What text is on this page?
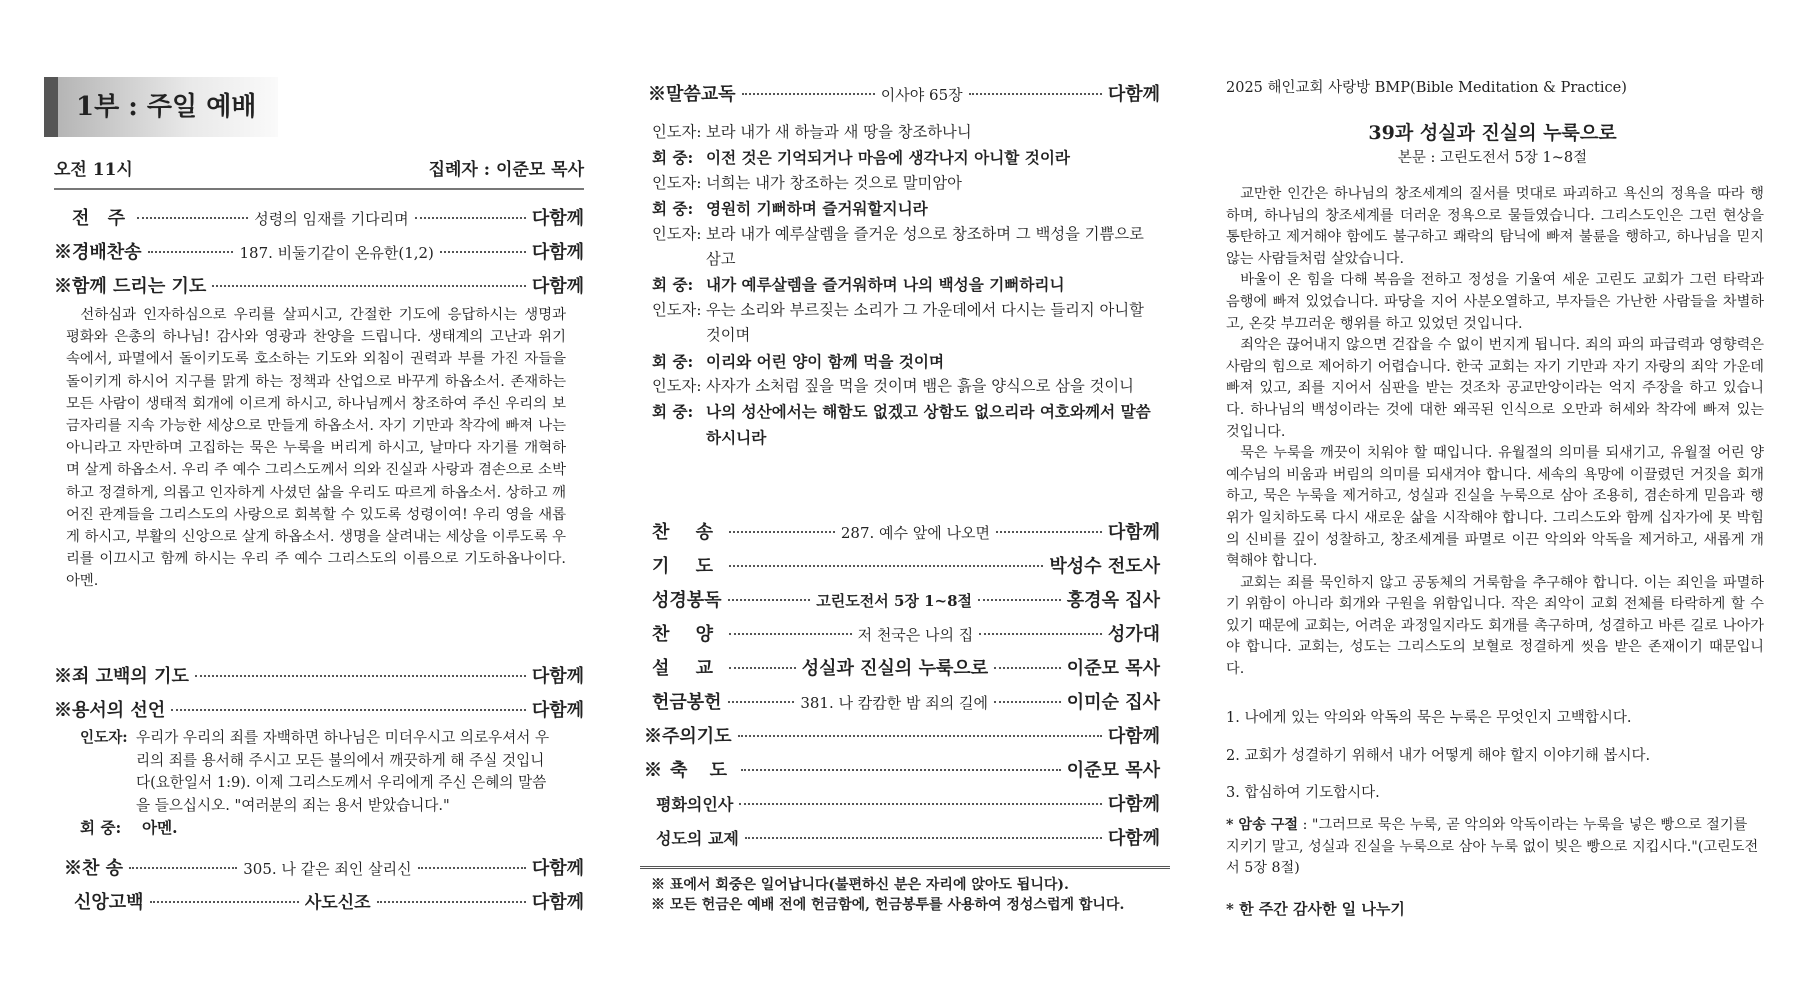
1부 : 주일 예배
오전 11시	집례자 : 이준모 목사
전 주	성령의 임재를 기다리며	다함께
※경배찬송	187. 비둘기같이 온유한(1,2)	다함께
※함께 드리는 기도	다함께

선하심과 인자하심으로 우리를 살피시고, 간절한 기도에 응답하시는 생명과 평화와 은총의 하나님! 감사와 영광과 찬양을 드립니다. 생태계의 고난과 위기 속에서, 파멸에서 돌이키도록 호소하는 기도와 외침이 권력과 부를 가진 자들을 돌이키게 하시어 지구를 맑게 하는 정책과 산업으로 바꾸게 하옵소서. 존재하는 모든 사람이 생태적 회개에 이르게 하시고, 하나님께서 창조하여 주신 우리의 보금자리를 지속 가능한 세상으로 만들게 하옵소서. 자기 기만과 착각에 빠져 나는 아니라고 자만하며 고집하는 묵은 누룩을 버리게 하시고, 날마다 자기를 개혁하며 살게 하옵소서. 우리 주 예수 그리스도께서 의와 진실과 사랑과 겸손으로 소박하고 정결하게, 의롭고 인자하게 사셨던 삶을 우리도 따르게 하옵소서. 상하고 깨어진 관계들을 그리스도의 사랑으로 회복할 수 있도록 성령이여! 우리 영을 새롭게 하시고, 부활의 신앙으로 살게 하옵소서. 생명을 살려내는 세상을 이루도록 우리를 이끄시고 함께 하시는 우리 주 예수 그리스도의 이름으로 기도하옵나이다. 아멘.

※죄 고백의 기도	다함께
※용서의 선언	다함께
인도자: 우리가 우리의 죄를 자백하면 하나님은 미더우시고 의로우셔서 우리의 죄를 용서해 주시고 모든 불의에서 깨끗하게 해 주실 것입니다(요한일서 1:9). 이제 그리스도께서 우리에게 주신 은혜의 말씀을 들으십시오. "여러분의 죄는 용서 받았습니다."
회 중:	아멘.
※찬 송	305. 나 같은 죄인 살리신	다함께
신앙고백	사도신조	다함께
※말씀교독	이사야 65장	다함께
인도자: 보라 내가 새 하늘과 새 땅을 창조하나니
회 중: 이전 것은 기억되거나 마음에 생각나지 아니할 것이라
인도자: 너희는 내가 창조하는 것으로 말미암아
회 중: 영원히 기뻐하며 즐거워할지니라
인도자: 보라 내가 예루살렘을 즐거운 성으로 창조하며 그 백성을 기쁨으로 삼고
회 중: 내가 예루살렘을 즐거워하며 나의 백성을 기뻐하리니
인도자: 우는 소리와 부르짖는 소리가 그 가운데에서 다시는 들리지 아니할 것이며
회 중: 이리와 어린 양이 함께 먹을 것이며
인도자: 사자가 소처럼 짚을 먹을 것이며 뱀은 흙을 양식으로 삼을 것이니
회 중: 나의 성산에서는 해함도 없겠고 상함도 없으리라 여호와께서 말씀하시니라
찬 송	287. 예수 앞에 나오면	다함께
기 도	박성수 전도사
성경봉독	고린도전서 5장 1~8절	홍경옥 집사
찬 양	저 천국은 나의 집	성가대
설 교	성실과 진실의 누룩으로	이준모 목사
헌금봉헌	381. 나 캄캄한 밤 죄의 길에	이미순 집사
※주의기도	다함께
※축 도	이준모 목사
평화의인사	다함께
성도의 교제	다함께
※ 표에서 회중은 일어납니다(불편하신 분은 자리에 앉아도 됩니다).
※ 모든 헌금은 예배 전에 헌금함에, 헌금봉투를 사용하여 정성스럽게 합니다.
2025 해인교회 사랑방 BMP(Bible Meditation & Practice)
39과 성실과 진실의 누룩으로
본문 : 고린도전서 5장 1~8절

교만한 인간은 하나님의 창조세계의 질서를 멋대로 파괴하고 욕신의 정욕을 따라 행하며, 하나님의 창조세계를 더러운 정욕으로 물들였습니다. 그리스도인은 그런 현상을 통탄하고 제거해야 함에도 불구하고 쾌락의 탐닉에 빠져 불륜을 행하고, 하나님을 믿지 않는 사람들처럼 살았습니다.

바울이 온 힘을 다해 복음을 전하고 정성을 기울여 세운 고린도 교회가 그런 타락과 음행에 빠져 있었습니다. 파당을 지어 사분오열하고, 부자들은 가난한 사람들을 차별하고, 온갖 부끄러운 행위를 하고 있었던 것입니다.

죄악은 끊어내지 않으면 걷잡을 수 없이 번지게 됩니다. 죄의 파의 파급력과 영향력은 사람의 힘으로 제어하기 어렵습니다. 한국 교회는 자기 기만과 자기 자랑의 죄악 가운데 빠져 있고, 죄를 지어서 심판을 받는 것조차 공교만앙이라는 억지 주장을 하고 있습니다. 하나님의 백성이라는 것에 대한 왜곡된 인식으로 오만과 허세와 착각에 빠져 있는 것입니다.

묵은 누룩을 깨끗이 치워야 할 때입니다. 유월절의 의미를 되새기고, 유월절 어린 양 예수님의 비움과 버림의 의미를 되새겨야 합니다. 세속의 욕망에 이끌렸던 거짓을 회개하고, 묵은 누룩을 제거하고, 성실과 진실을 누룩으로 삼아 조용히, 겸손하게 믿음과 행위가 일치하도록 다시 새로운 삶을 시작해야 합니다. 그리스도와 함께 십자가에 못 박힘의 신비를 깊이 성찰하고, 창조세계를 파멸로 이끈 악의와 악독을 제거하고, 새롭게 개혁해야 합니다.

교회는 죄를 묵인하지 않고 공동체의 거룩함을 추구해야 합니다. 이는 죄인을 파멸하기 위함이 아니라 회개와 구원을 위함입니다. 작은 죄악이 교회 전체를 타락하게 할 수 있기 때문에 교회는, 어려운 과정일지라도 회개를 촉구하며, 성결하고 바른 길로 나아가야 합니다. 교회는, 성도는 그리스도의 보혈로 정결하게 씻음 받은 존재이기 때문입니다.

1. 나에게 있는 악의와 악독의 묵은 누룩은 무엇인지 고백합시다.
2. 교회가 성결하기 위해서 내가 어떻게 해야 할지 이야기해 봅시다.
3. 합심하여 기도합시다.
* 암송 구절 : "그러므로 묵은 누룩, 곧 악의와 악독이라는 누룩을 넣은 빵으로 절기를 지키기 말고, 성실과 진실을 누룩으로 삼아 누룩 없이 빚은 빵으로 지킵시다."(고린도전서 5장 8절)
* 한 주간 감사한 일 나누기
